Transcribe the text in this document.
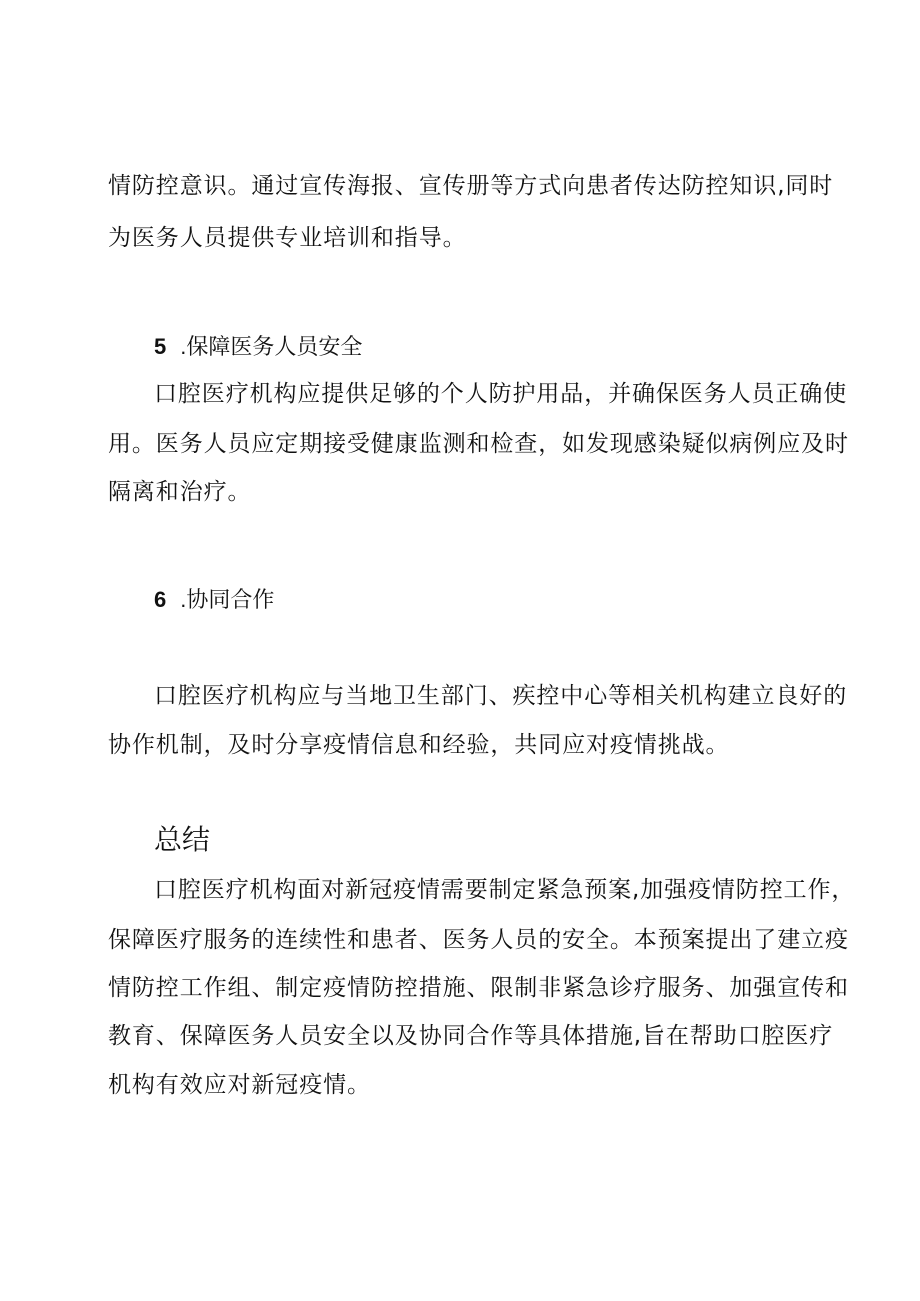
情防控意识。通过宣传海报、宣传册等方式向患者传达防控知识,同时
为医务人员提供专业培训和指导。
5 .保障医务人员安全
口腔医疗机构应提供足够的个人防护用品，并确保医务人员正确使
用。医务人员应定期接受健康监测和检查，如发现感染疑似病例应及时
隔离和治疗。
6 .协同合作
口腔医疗机构应与当地卫生部门、疾控中心等相关机构建立良好的
协作机制，及时分享疫情信息和经验，共同应对疫情挑战。
总结
口腔医疗机构面对新冠疫情需要制定紧急预案,加强疫情防控工作，
保障医疗服务的连续性和患者、医务人员的安全。本预案提出了建立疫
情防控工作组、制定疫情防控措施、限制非紧急诊疗服务、加强宣传和
教育、保障医务人员安全以及协同合作等具体措施,旨在帮助口腔医疗
机构有效应对新冠疫情。
